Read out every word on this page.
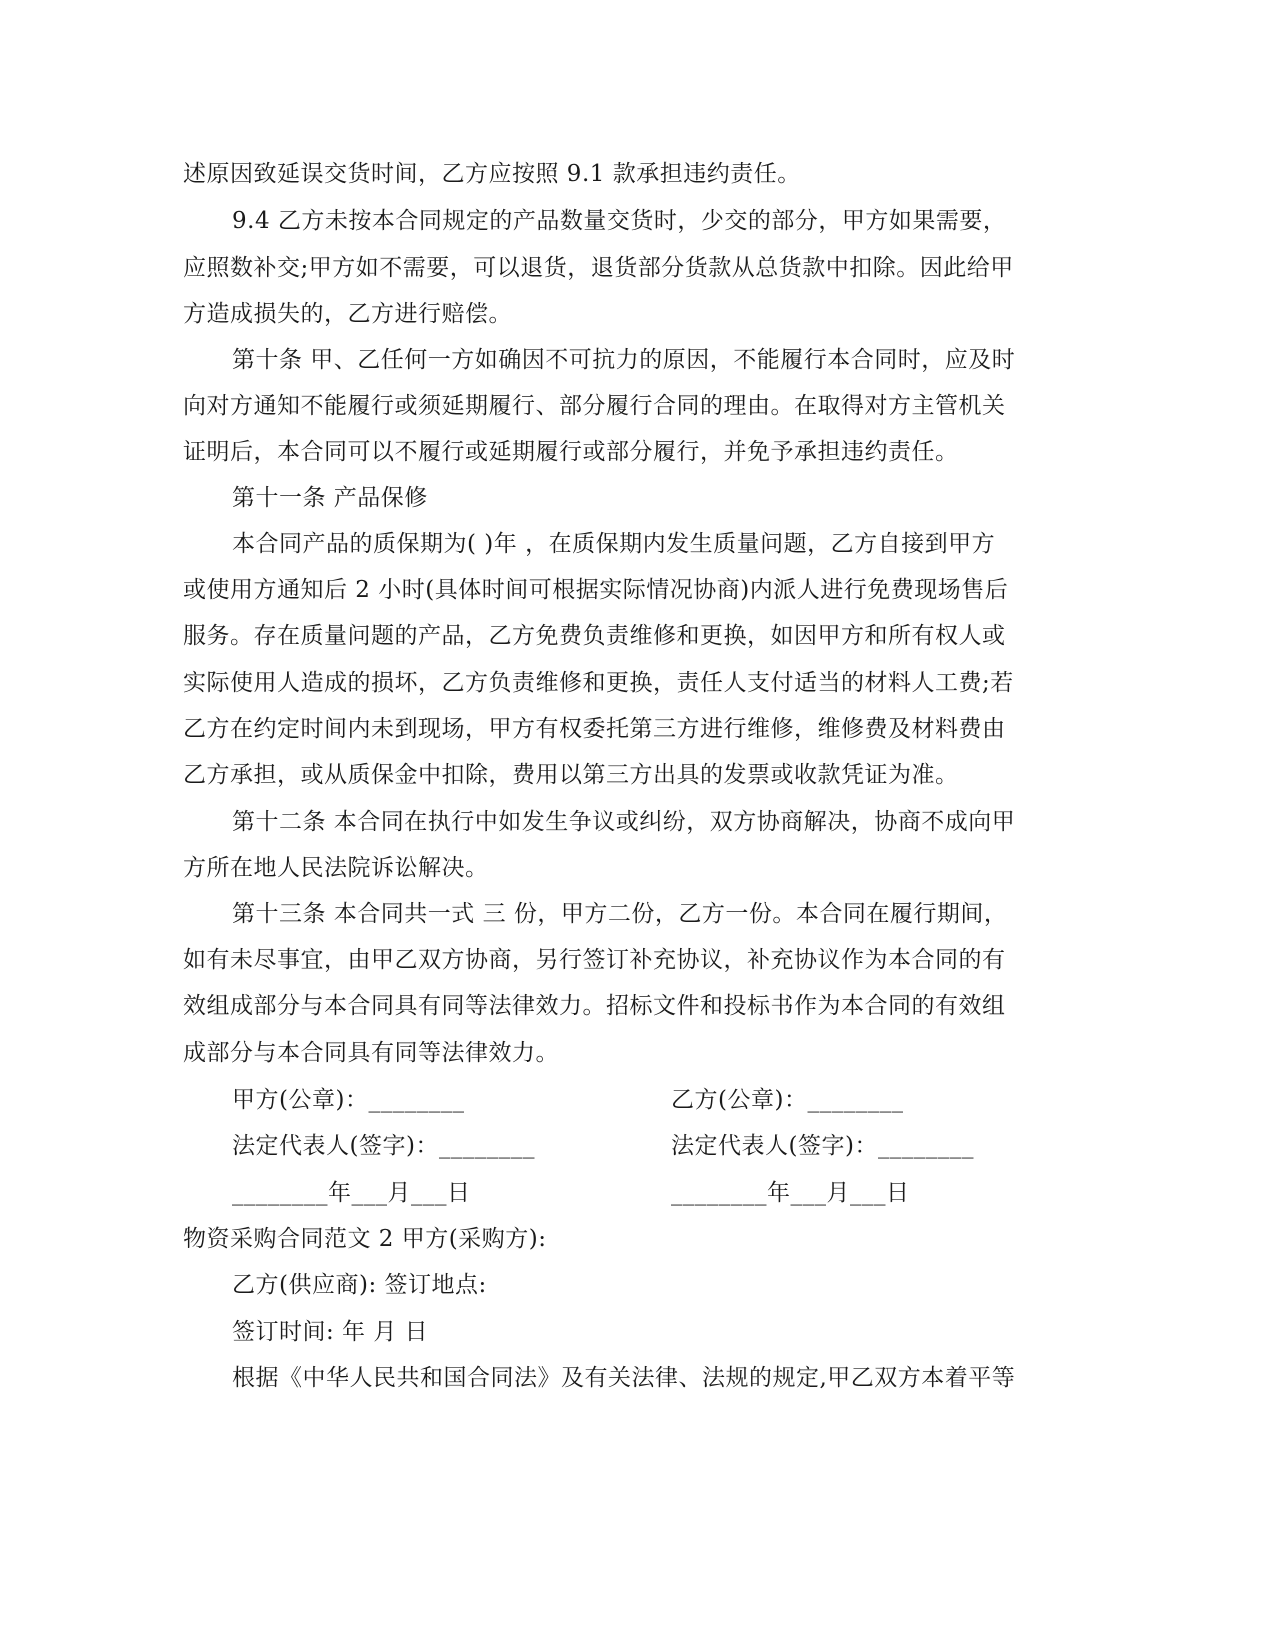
述原因致延误交货时间，乙方应按照 9.1 款承担违约责任。
9.4 乙方未按本合同规定的产品数量交货时，少交的部分，甲方如果需要，
应照数补交;甲方如不需要，可以退货，退货部分货款从总货款中扣除。因此给甲
方造成损失的，乙方进行赔偿。
第十条 甲、乙任何一方如确因不可抗力的原因，不能履行本合同时，应及时
向对方通知不能履行或须延期履行、部分履行合同的理由。在取得对方主管机关
证明后，本合同可以不履行或延期履行或部分履行，并免予承担违约责任。
第十一条 产品保修
本合同产品的质保期为( )年 ，在质保期内发生质量问题，乙方自接到甲方
或使用方通知后 2 小时(具体时间可根据实际情况协商)内派人进行免费现场售后
服务。存在质量问题的产品，乙方免费负责维修和更换，如因甲方和所有权人或
实际使用人造成的损坏，乙方负责维修和更换，责任人支付适当的材料人工费;若
乙方在约定时间内未到现场，甲方有权委托第三方进行维修，维修费及材料费由
乙方承担，或从质保金中扣除，费用以第三方出具的发票或收款凭证为准。
第十二条 本合同在执行中如发生争议或纠纷，双方协商解决，协商不成向甲
方所在地人民法院诉讼解决。
第十三条 本合同共一式 三 份，甲方二份，乙方一份。本合同在履行期间，
如有未尽事宜，由甲乙双方协商，另行签订补充协议，补充协议作为本合同的有
效组成部分与本合同具有同等法律效力。招标文件和投标书作为本合同的有效组
成部分与本合同具有同等法律效力。
甲方(公章)：________	乙方(公章)：________
法定代表人(签字)：________	法定代表人(签字)：________
________年___月___日	________年___月___日
物资采购合同范文 2 甲方(采购方):
乙方(供应商): 签订地点:
签订时间: 年 月 日
根据《中华人民共和国合同法》及有关法律、法规的规定,甲乙双方本着平等
